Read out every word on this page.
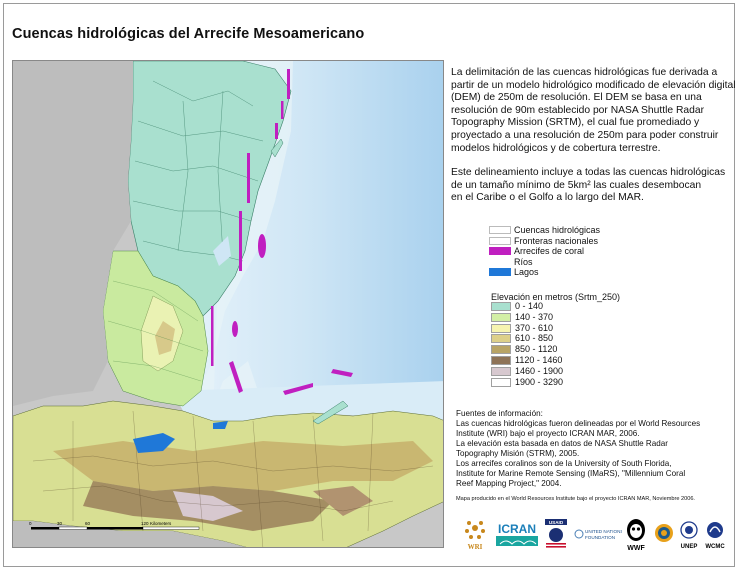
Cuencas hidrológicas del Arrecife Mesoamericano
0	30	60	120 Kilometers

La delimitación de las cuencas hidrológicas fue derivada a
partir de un modelo hidrológico modificado de elevación digital
(DEM) de 250m de resolución. El DEM se basa en una
resolución de 90m establecido por NASA Shuttle Radar
Topography Mission (SRTM), el cual fue promediado y
proyectado a una resolución de 250m para poder construir
modelos hidrológicos y de cobertura terrestre.

Este delineamiento incluye a todas las cuencas hidrológicas
de un tamaño mínimo de 5km² las cuales desembocan
en el Caribe o el Golfo a lo largo del MAR.

Cuencas hidrológicas
Fronteras nacionales
Arrecifes de coral
Ríos
Lagos
Elevación en metros (Srtm_250)
0 - 140
140 - 370
370 - 610
610 - 850
850 - 1120
1120 - 1460
1460 - 1900
1900 - 3290
Fuentes de información:
Las cuencas hidrológicas fueron delineadas por el World Resources
Institute (WRI) bajo el proyecto ICRAN MAR, 2006.
La elevación esta basada en datos de NASA Shuttle Radar
Topography Misión (STRM), 2005.
Los arrecifes coralinos son de la University of South Florida,
Institute for Marine Remote Sensing (IMaRS), "Millennium Coral
Reef Mapping Project," 2004.
Mapa producido en el World Resources Institute bajo el proyecto ICRAN MAR, Noviembre 2006.
WRI
ICRAN	USAID
UNITED NATIONS
FOUNDATION
WWF	UNEP WCMC
